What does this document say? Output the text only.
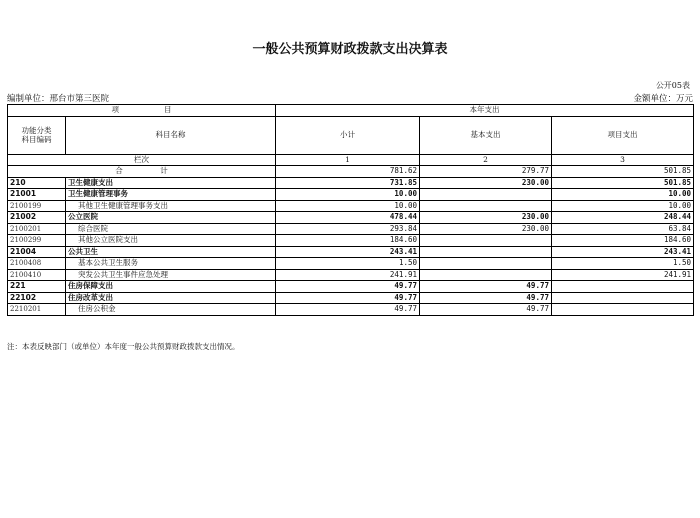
一般公共预算财政拨款支出决算表
公开05表
编制单位：邢台市第三医院	金额单位：万元
项　　　　　　目		本年支出		
功能分类
科目编码	科目名称	小计	基本支出	项目支出
栏次		1	2	3
合　　　　　计		781.62	279.77	501.85
210	卫生健康支出	731.85	230.00	501.85
21001	卫生健康管理事务	10.00		10.00
2100199	其他卫生健康管理事务支出	10.00		10.00
21002	公立医院	478.44	230.00	248.44
2100201	综合医院	293.84	230.00	63.84
2100299	其他公立医院支出	184.60		184.60
21004	公共卫生	243.41		243.41
2100408	基本公共卫生服务	1.50		1.50
2100410	突发公共卫生事件应急处理	241.91		241.91
221	住房保障支出	49.77	49.77	
22102	住房改革支出	49.77	49.77	
2210201	住房公积金	49.77	49.77	
注：本表反映部门（或单位）本年度一般公共预算财政拨款支出情况。
